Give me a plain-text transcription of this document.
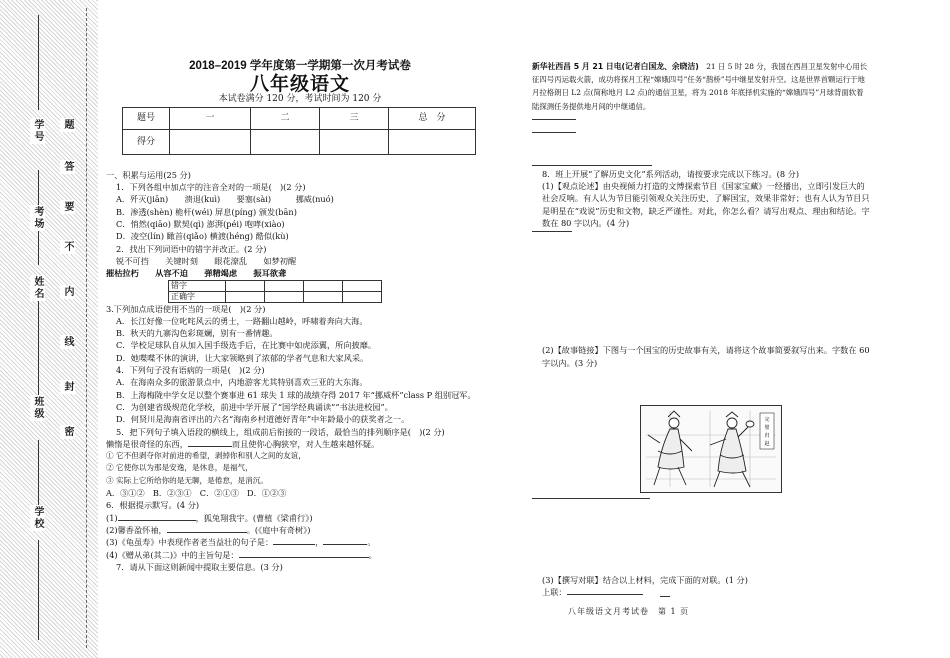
学号
考场
姓名
班级
学校
题
答
要
不
内
线
封
密
2018–2019 学年度第一学期第一次月考试卷
八年级语文
本试卷满分 120 分，考试时间为 120 分
题号	一	二	三	总　分
得分				

一、积累与运用(25 分)

1．下列各组中加点字的注音全对的一项是(　)(2 分)

A．歼灭(jiān)　　溃退(kuì)　　要塞(sài)　　　挪威(nuó)

B．渗透(shèn) 桅杆(wéi) 屏息(píng) 颁发(bān)

C．悄然(qiāo) 默契(qì) 澎湃(péi) 咆哮(xiào)

D．凌空(lín) 瞰首(qiǎo) 横渡(héng) 酷似(kù)

2．找出下列词语中的错字并改正。(2 分)

锐不可挡　　关键时刻　　眼花潦乱　　如梦初醒

摧枯拉朽　　从容不迫　　弹精竭虑　　振耳欲聋

错字				
正确字				

3.下列加点成语使用不当的一项是(　)(2 分)

A．长江好像一位叱咤风云的勇士，一路翻山越岭，呼啸着奔向大海。

B．秋天的九寨沟色彩斑斓，别有一番情趣。

C．学校足球队自从加入国手级选手后，在比赛中如虎添翼，所向披靡。

D．她喋喋不休的演讲，让大家领略到了浓郁的学者气息和大家风采。

4．下列句子没有语病的一项是(　)(2 分)

A．在海南众多的旅游景点中，内地游客尤其特别喜欢三亚的大东海。

B．上海梅陇中学女足以整个赛事进 61 球失 1 球的战绩夺得 2017 年“挪威杯”class P 组别冠军。

C．为创建省级规范化学校，前进中学开展了“国学经典诵读”“书法进校园”。

D．何贤川是海南省评出的六名“海南乡村道德好青年”中年龄最小的获奖者之一。

5．把下列句子填入语段的横线上，组成前后衔接的一段话，最恰当的排列顺序是(　)(2 分)

懒惰是很奇怪的东西，	而且使你心胸狭窄，对人生越来越怀疑。

① 它不但剥夺你对前进的希望，剥掉你和别人之间的友谊，

② 它使你以为那是安逸，是休息，是福气，

③ 实际上它所给你的是无聊，是倦怠，是消沉。

A．③①②　B．②③①　C．②①③　D．①②③

6．根据提示默写。(4 分)

(1)	，狐兔翔我宇。(曹植《梁甫行》)

(2)馨香盈怀袖，	。(《庭中有奇树》)

(3)《龟虽寿》中表现作者老当益壮的句子是：	，	。

(4)《赠从弟(其二)》中的主旨句是：	。

7．请从下面这则新闻中提取主要信息。(3 分)

新华社西昌 5 月 21 日电(记者白国龙、余晓洁)　 21 日 5 时 28 分，我国在西昌卫星发射中心用长征四号丙运载火箭，成功将探月工程“嫦娥四号”任务“鹊桥”号中继星发射升空。这是世界首颗运行于地月拉格朗日 L2 点(简称地月 L2 点)的通信卫星，将为 2018 年底择机实施的“嫦娥四号”月球背面软着陆探测任务提供地月间的中继通信。

8．班上开展“了解历史文化”系列活动，请按要求完成以下练习。(8 分)

(1)【观点论述】由央视倾力打造的文博探索节目《国家宝藏》一经播出，立即引发巨大的社会反响。有人认为节目能引领观众关注历史、了解国宝，效果非常好；也有人认为节目只是明星在“戏说”历史和文物，缺乏严谨性。对此，你怎么看？请写出观点、理由和结论。字数在 80 字以内。(4 分)

(2)【故事链接】下图与一个国宝的历史故事有关，请将这个故事简要叙写出来。字数在 60 字以内。(3 分)

完
璧
归
赵

(3)【撰写对联】结合以上材料，完成下面的对联。(1 分)

上联：

八年级语文月考试卷　第 1 页
